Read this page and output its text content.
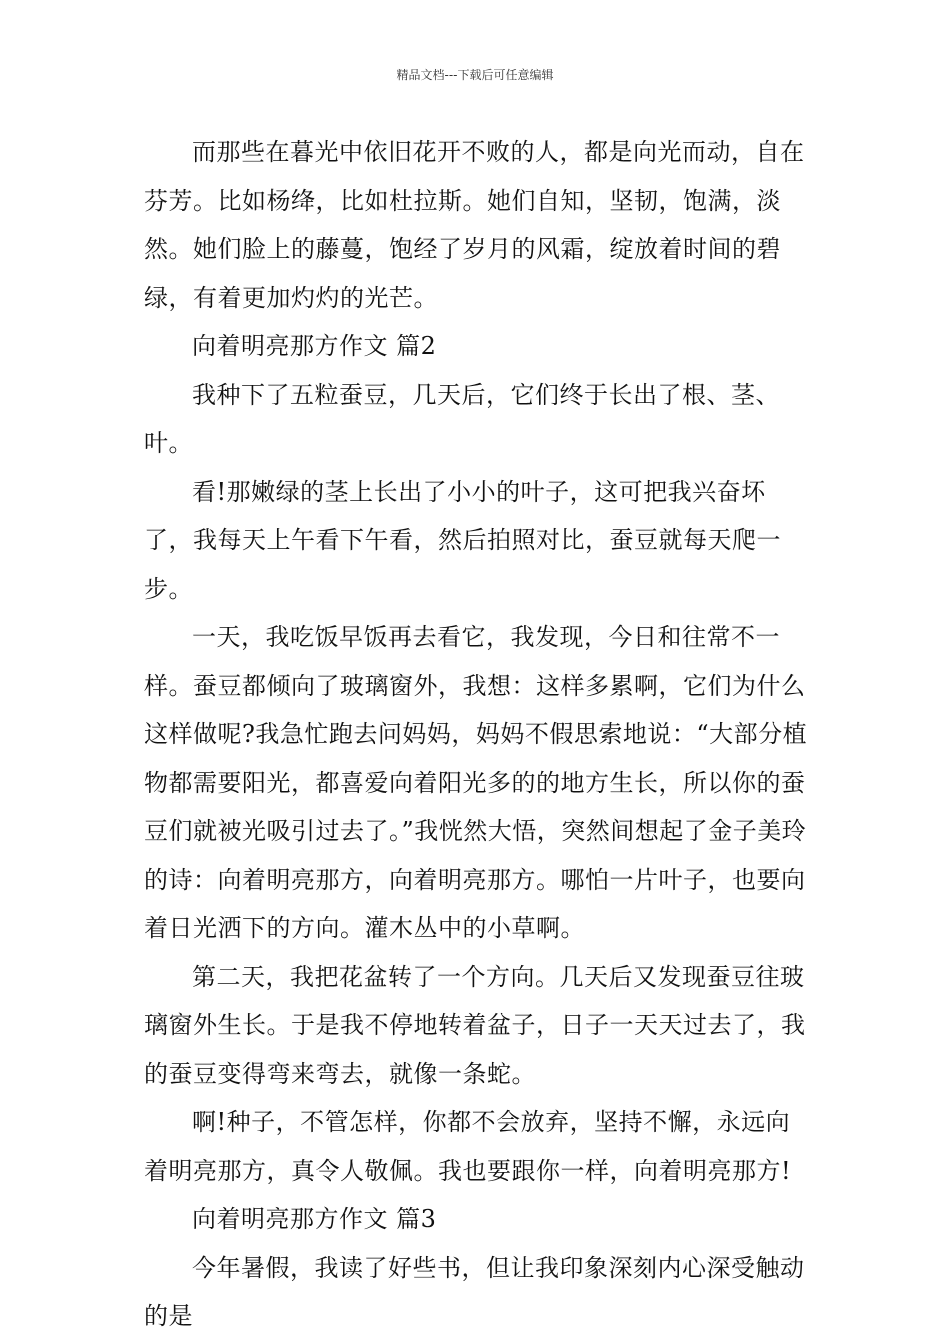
精品文档---下载后可任意编辑

而那些在暮光中依旧花开不败的人，都是向光而动，自在芬芳。比如杨绛，比如杜拉斯。她们自知，坚韧，饱满，淡然。她们脸上的藤蔓，饱经了岁月的风霜，绽放着时间的碧绿，有着更加灼灼的光芒。

向着明亮那方作文 篇2

我种下了五粒蚕豆，几天后，它们终于长出了根、茎、叶。

看!那嫩绿的茎上长出了小小的叶子，这可把我兴奋坏了，我每天上午看下午看，然后拍照对比，蚕豆就每天爬一步。

一天，我吃饭早饭再去看它，我发现，今日和往常不一样。蚕豆都倾向了玻璃窗外，我想：这样多累啊，它们为什么这样做呢?我急忙跑去问妈妈，妈妈不假思索地说：“大部分植物都需要阳光，都喜爱向着阳光多的的地方生长，所以你的蚕豆们就被光吸引过去了。”我恍然大悟，突然间想起了金子美玲的诗：向着明亮那方，向着明亮那方。哪怕一片叶子，也要向着日光洒下的方向。灌木丛中的小草啊。

第二天，我把花盆转了一个方向。几天后又发现蚕豆往玻璃窗外生长。于是我不停地转着盆子，日子一天天过去了，我的蚕豆变得弯来弯去，就像一条蛇。

啊!种子，不管怎样，你都不会放弃，坚持不懈，永远向着明亮那方，真令人敬佩。我也要跟你一样，向着明亮那方!

向着明亮那方作文 篇3

今年暑假，我读了好些书，但让我印象深刻内心深受触动的是
